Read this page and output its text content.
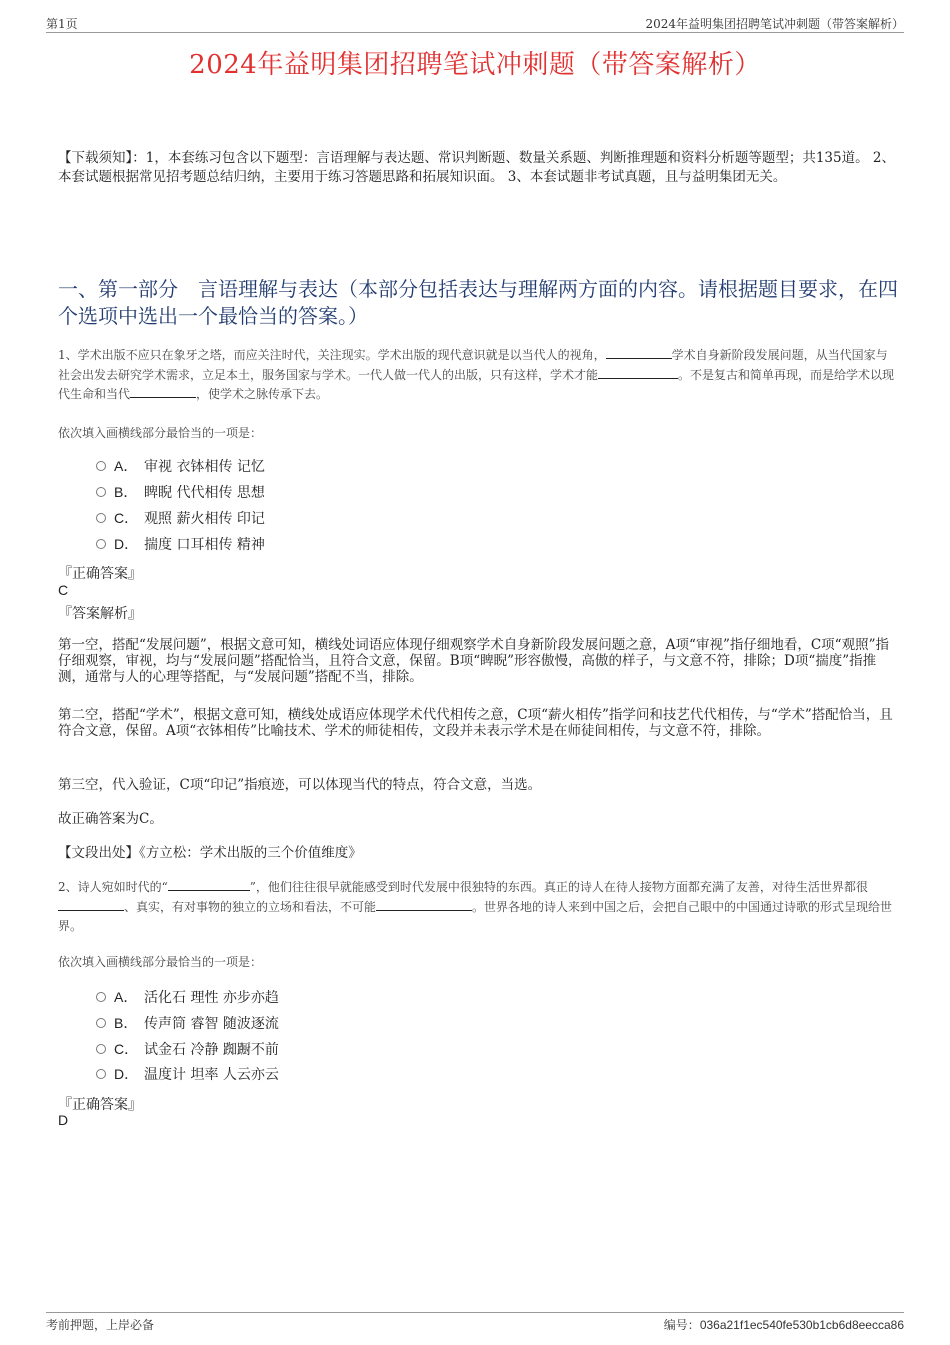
第1页	2024年益明集团招聘笔试冲刺题（带答案解析）
2024年益明集团招聘笔试冲刺题（带答案解析）
【下载须知】：1，本套练习包含以下题型：言语理解与表达题、常识判断题、数量关系题、判断推理题和资料分析题等题型；共135道。 2、本套试题根据常见招考题总结归纳，主要用于练习答题思路和拓展知识面。 3、本套试题非考试真题，且与益明集团无关。
一、第一部分　言语理解与表达（本部分包括表达与理解两方面的内容。请根据题目要求，在四个选项中选出一个最恰当的答案。）
1、学术出版不应只在象牙之塔，而应关注时代，关注现实。学术出版的现代意识就是以当代人的视角，	学术自身新阶段发展问题，从当代国家与社会出发去研究学术需求，立足本土，服务国家与学术。一代人做一代人的出版，只有这样，学术才能	。不是复古和简单再现，而是给学术以现代生命和当代	，使学术之脉传承下去。
依次填入画横线部分最恰当的一项是：
A． 审视 衣钵相传 记忆
B． 睥睨 代代相传 思想
C． 观照 薪火相传 印记
D． 揣度 口耳相传 精神
『正确答案』
C
『答案解析』
第一空，搭配“发展问题”，根据文意可知，横线处词语应体现仔细观察学术自身新阶段发展问题之意，A项“审视”指仔细地看，C项“观照”指仔细观察，审视，均与“发展问题”搭配恰当，且符合文意，保留。B项“睥睨”形容傲慢，高傲的样子，与文意不符，排除；D项“揣度”指推测，通常与人的心理等搭配，与“发展问题”搭配不当，排除。
第二空，搭配“学术”，根据文意可知，横线处成语应体现学术代代相传之意，C项“薪火相传”指学问和技艺代代相传，与“学术”搭配恰当，且符合文意，保留。A项“衣钵相传”比喻技术、学术的师徒相传，文段并未表示学术是在师徒间相传，与文意不符，排除。
第三空，代入验证，C项“印记”指痕迹，可以体现当代的特点，符合文意，当选。
故正确答案为C。
【文段出处】《方立松：学术出版的三个价值维度》
2、诗人宛如时代的“	”，他们往往很早就能感受到时代发展中很独特的东西。真正的诗人在待人接物方面都充满了友善，对待生活世界都很、真实，有对事物的独立的立场和看法，不可能	。世界各地的诗人来到中国之后，会把自己眼中的中国通过诗歌的形式呈现给世界。
依次填入画横线部分最恰当的一项是：
A． 活化石 理性 亦步亦趋
B． 传声筒 睿智 随波逐流
C． 试金石 冷静 踟蹰不前
D． 温度计 坦率 人云亦云
『正确答案』
D
考前押题，上岸必备	编号：036a21f1ec540fe530b1cb6d8eecca86
